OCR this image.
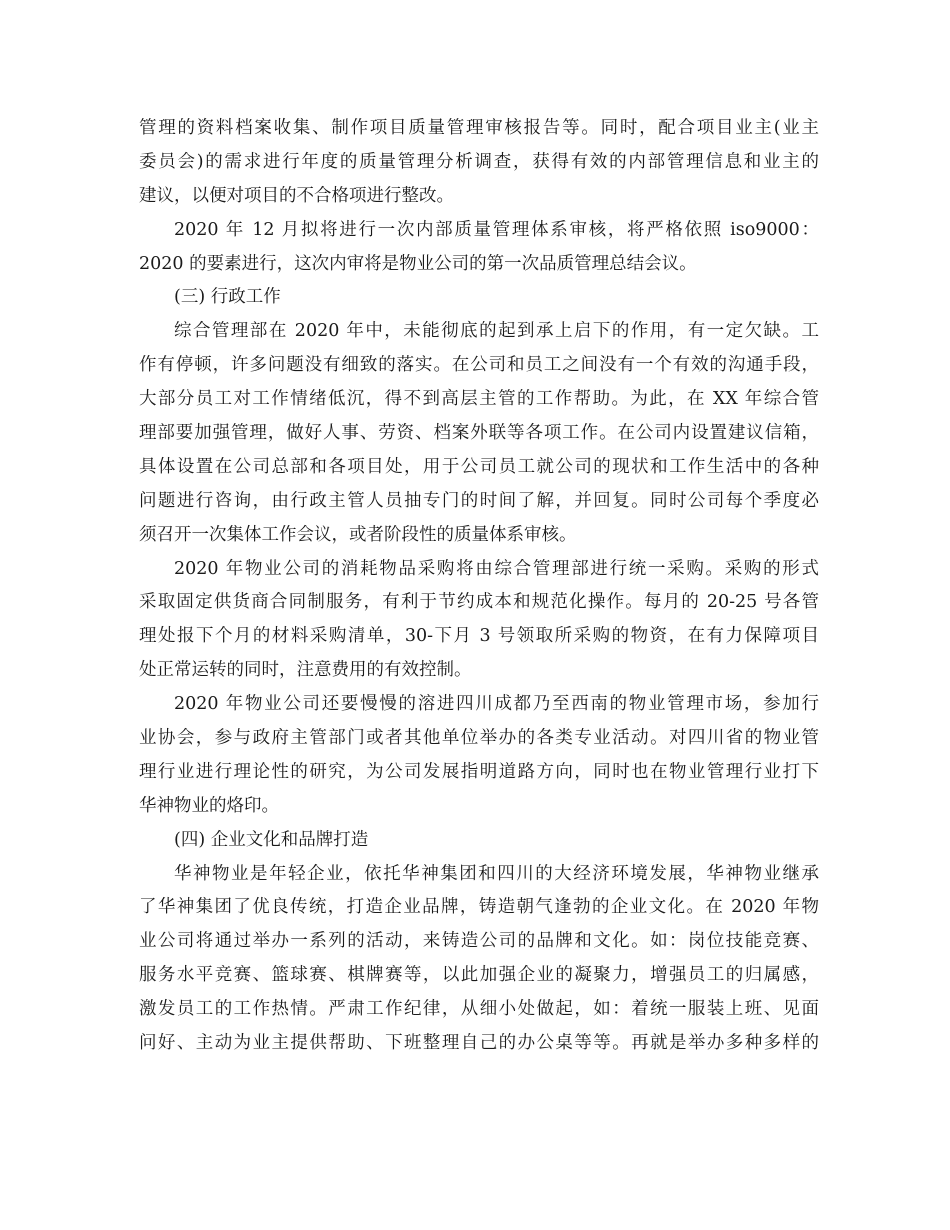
管理的资料档案收集、制作项目质量管理审核报告等。同时，配合项目业主(业主
委员会)的需求进行年度的质量管理分析调查，获得有效的内部管理信息和业主的
建议，以便对项目的不合格项进行整改。
2020 年 12 月拟将进行一次内部质量管理体系审核，将严格依照 iso9000：
2020 的要素进行，这次内审将是物业公司的第一次品质管理总结会议。
(三) 行政工作
综合管理部在 2020 年中，未能彻底的起到承上启下的作用，有一定欠缺。工
作有停顿，许多问题没有细致的落实。在公司和员工之间没有一个有效的沟通手段，
大部分员工对工作情绪低沉，得不到高层主管的工作帮助。为此，在 XX 年综合管
理部要加强管理，做好人事、劳资、档案外联等各项工作。在公司内设置建议信箱，
具体设置在公司总部和各项目处，用于公司员工就公司的现状和工作生活中的各种
问题进行咨询，由行政主管人员抽专门的时间了解，并回复。同时公司每个季度必
须召开一次集体工作会议，或者阶段性的质量体系审核。
2020 年物业公司的消耗物品采购将由综合管理部进行统一采购。采购的形式
采取固定供货商合同制服务，有利于节约成本和规范化操作。每月的 20-25 号各管
理处报下个月的材料采购清单，30-下月 3 号领取所采购的物资，在有力保障项目
处正常运转的同时，注意费用的有效控制。
2020 年物业公司还要慢慢的溶进四川成都乃至西南的物业管理市场，参加行
业协会，参与政府主管部门或者其他单位举办的各类专业活动。对四川省的物业管
理行业进行理论性的研究，为公司发展指明道路方向，同时也在物业管理行业打下
华神物业的烙印。
(四) 企业文化和品牌打造
华神物业是年轻企业，依托华神集团和四川的大经济环境发展，华神物业继承
了华神集团了优良传统，打造企业品牌，铸造朝气逢勃的企业文化。在 2020 年物
业公司将通过举办一系列的活动，来铸造公司的品牌和文化。如：岗位技能竞赛、
服务水平竞赛、篮球赛、棋牌赛等，以此加强企业的凝聚力，增强员工的归属感，
激发员工的工作热情。严肃工作纪律，从细小处做起，如：着统一服装上班、见面
问好、主动为业主提供帮助、下班整理自己的办公桌等等。再就是举办多种多样的
